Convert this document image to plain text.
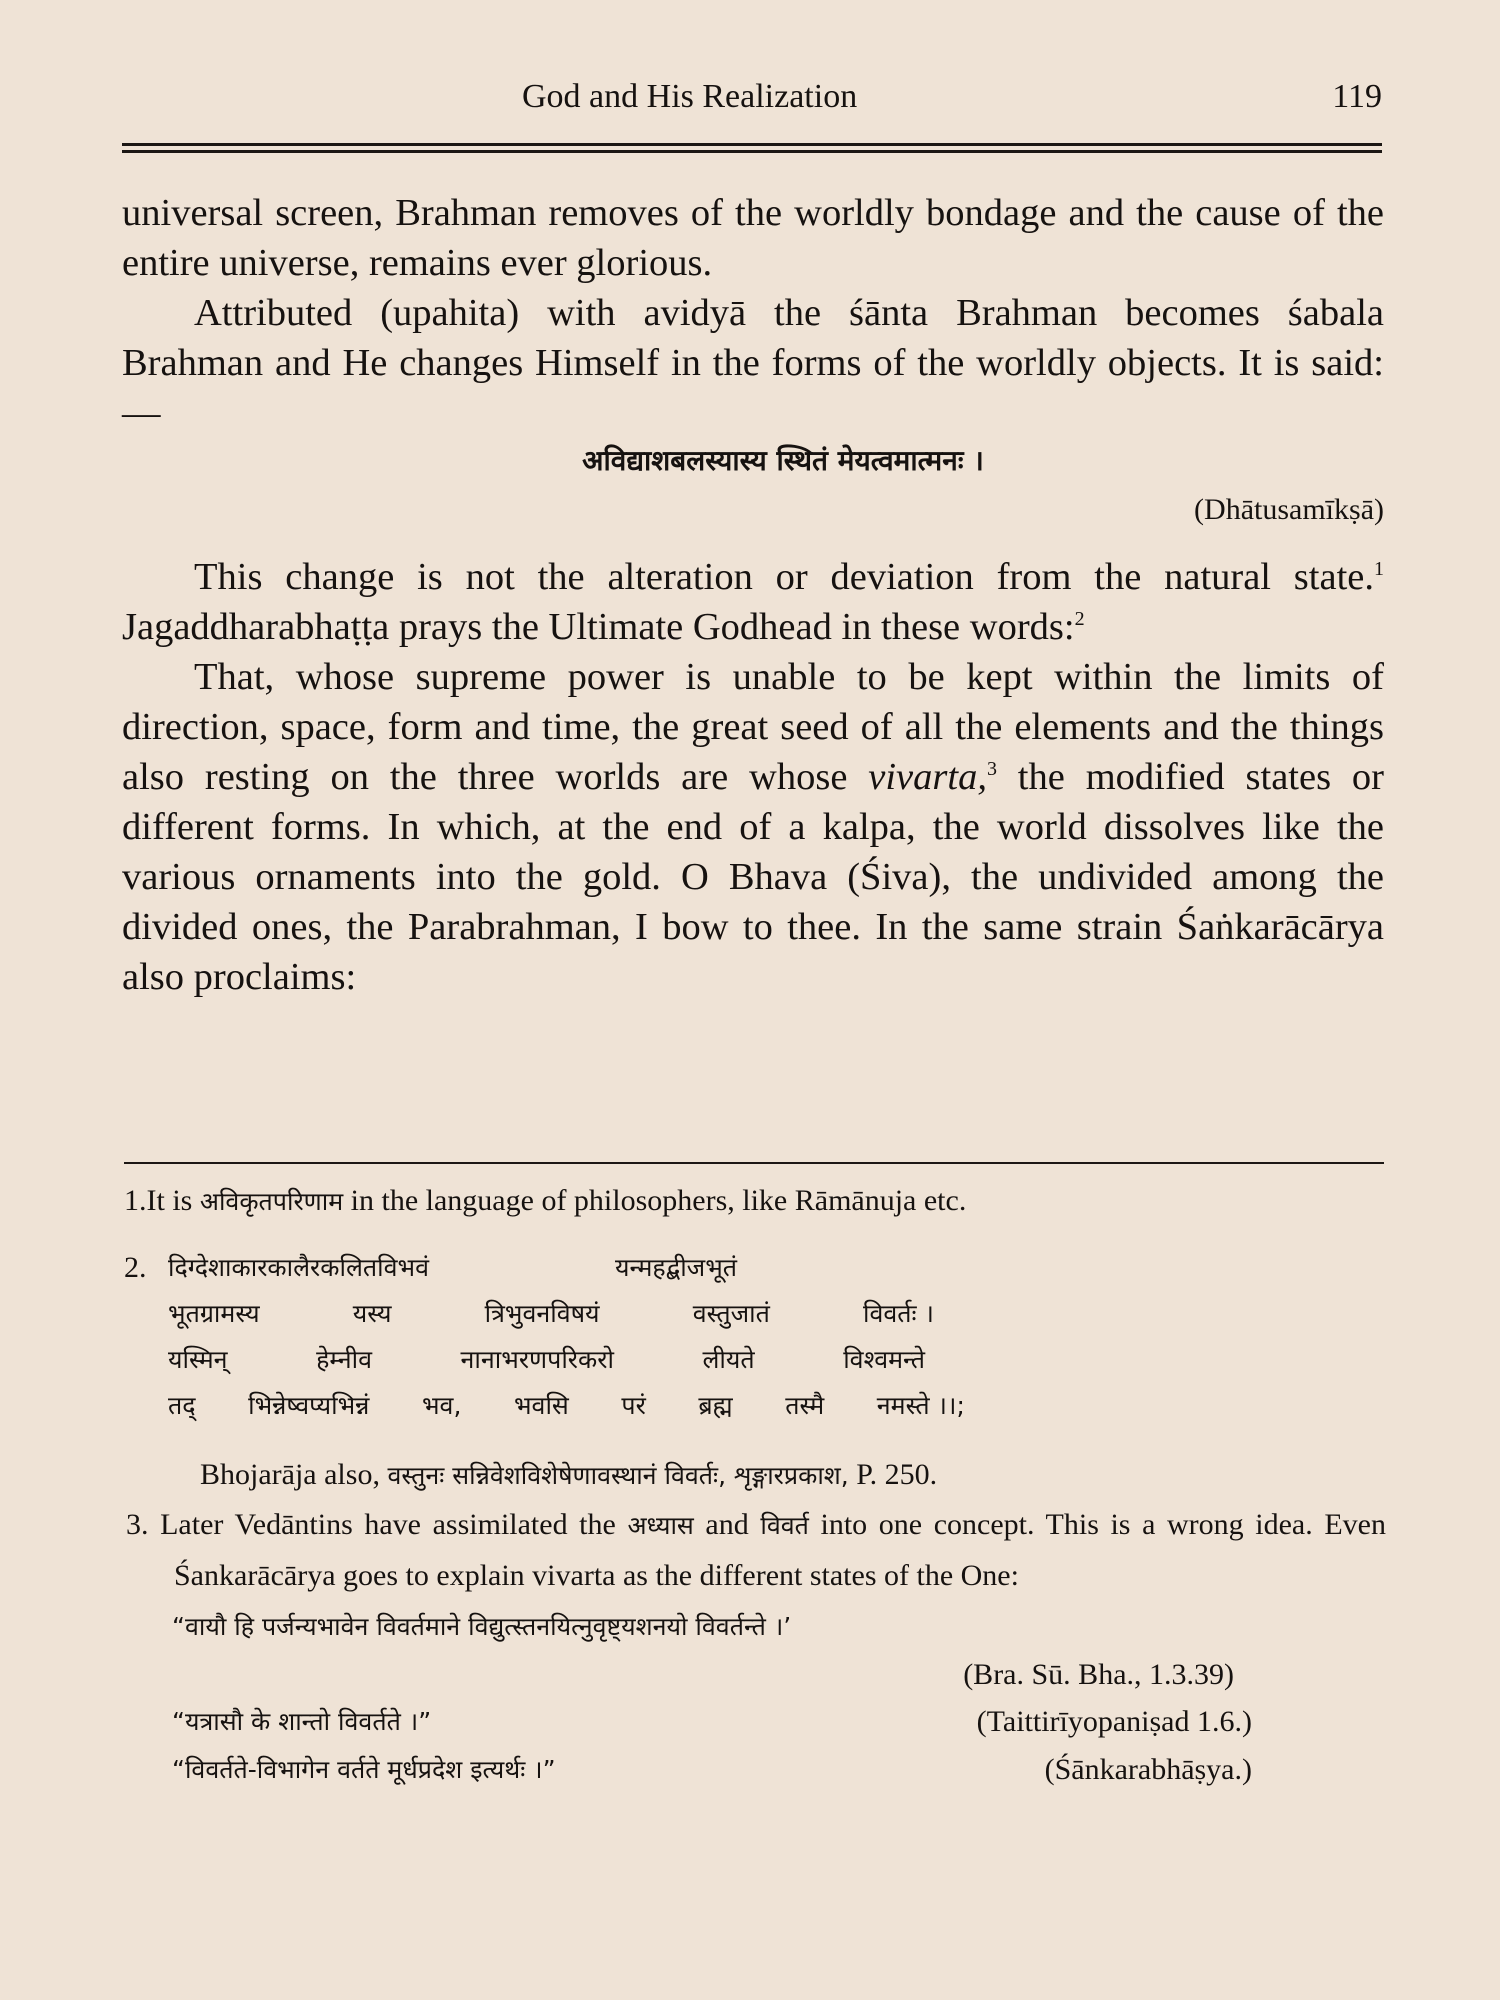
God and His Realization	119

universal screen, Brahman removes of the worldly bondage and the cause of the entire universe, remains ever glorious.

Attributed (upahita) with avidyā the śānta Brahman becomes śabala Brahman and He changes Himself in the forms of the worldly objects. It is said:—

अविद्याशबलस्यास्य स्थितं मेयत्वमात्मनः ।

(Dhātusamīkṣā)

This change is not the alteration or deviation from the natural state.$^1$ Jagaddharabhaṭṭa prays the Ultimate Godhead in these words:$^2$

That, whose supreme power is unable to be kept within the limits of direction, space, form and time, the great seed of all the elements and the things also resting on the three worlds are whose vivarta,$^3$ the modified states or different forms. In which, at the end of a kalpa, the world dissolves like the various ornaments into the gold. O Bhava (Śiva), the undivided among the divided ones, the Parabrahman, I bow to thee. In the same strain Śaṅkarācārya also proclaims:

1.It is अविकृतपरिणाम in the language of philosophers, like Rāmānuja etc.

2. दिग्देशाकारकालैरकलितविभवं	यन्महद्बीजभूतं
भूतग्रामस्य	यस्य	त्रिभुवनविषयं	वस्तुजातं	विवर्तः ।
यस्मिन्	हेम्नीव	नानाभरणपरिकरो	लीयते	विश्वमन्ते
तद् भिन्नेष्वप्यभिन्नं भव, भवसि परं ब्रह्म तस्मै नमस्ते ।।;

Bhojarāja also, वस्तुनः सन्निवेशविशेषेणावस्थानं विवर्तः, शृङ्गारप्रकाश, P. 250.

3. Later Vedāntins have assimilated the अध्यास and विवर्त into one concept. This is a wrong idea. Even Śankarācārya goes to explain vivarta as the different states of the One:

“वायौ हि पर्जन्यभावेन विवर्तमाने विद्युत्स्तनयित्नुवृष्ट्यशनयो विवर्तन्ते ।’

(Bra. Sū. Bha., 1.3.39)

“यत्रासौ के शान्तो विवर्तते ।”	(Taittirīyopaniṣad 1.6.)
“विवर्तते-विभागेन वर्तते मूर्धप्रदेश इत्यर्थः ।”	(Śānkarabhāṣya.)
